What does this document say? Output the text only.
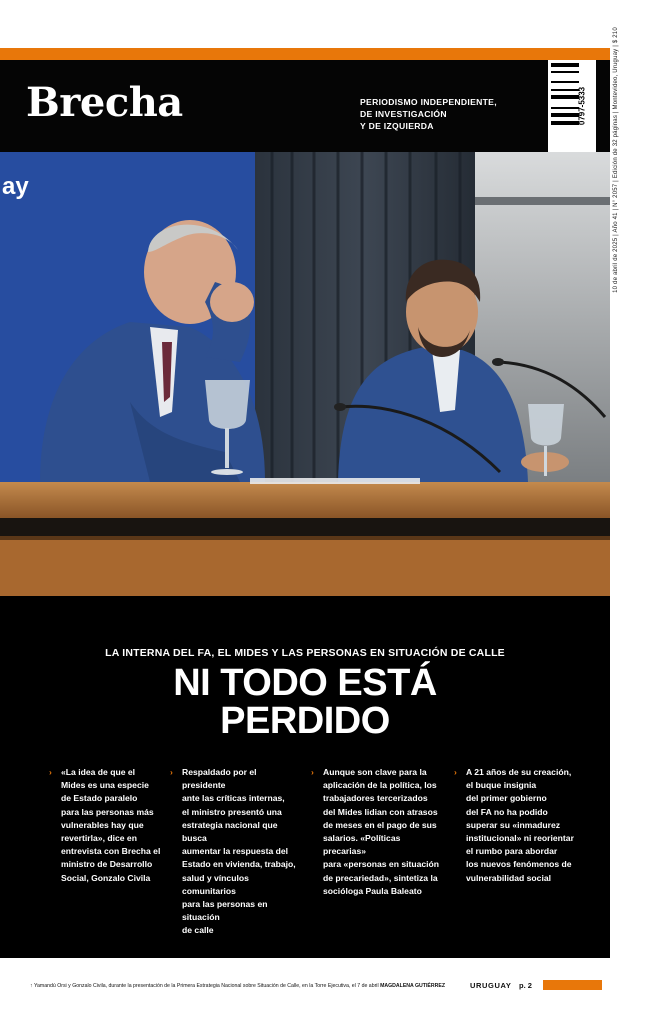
Brecha	PERIODISMO INDEPENDIENTE,
DE INVESTIGACIÓN
Y DE IZQUIERDA
0797-5333	10 de abril de 2025 | Año 41 | N° 2057 | Edición de 32 páginas | Montevideo, Uruguay | $ 210
ay
LA INTERNA DEL FA, EL MIDES Y LAS PERSONAS EN SITUACIÓN DE CALLE
NI TODO ESTÁ
PERDIDO
› «La idea de que el
Mides es una especie
de Estado paralelo
para las personas más
vulnerables hay que
revertirla», dice en
entrevista con Brecha el
ministro de Desarrollo
Social, Gonzalo Civila
› Respaldado por el presidente
ante las críticas internas,
el ministro presentó una
estrategia nacional que busca
aumentar la respuesta del
Estado en vivienda, trabajo,
salud y vínculos comunitarios
para las personas en situación
de calle
› Aunque son clave para la
aplicación de la política, los
trabajadores tercerizados
del Mides lidian con atrasos
de meses en el pago de sus
salarios. «Políticas precarias»
para «personas en situación
de precariedad», sintetiza la
socióloga Paula Baleato
› A 21 años de su creación,
el buque insignia
del primer gobierno
del FA no ha podido
superar su «inmadurez
institucional» ni reorientar
el rumbo para abordar
los nuevos fenómenos de
vulnerabilidad social
↑ Yamandú Orsi y Gonzalo Civila, durante la presentación de la Primera Estrategia Nacional sobre Situación de Calle, en la Torre Ejecutiva, el 7 de abril MAGDALENA GUTIÉRREZ	URUGUAY p. 2
